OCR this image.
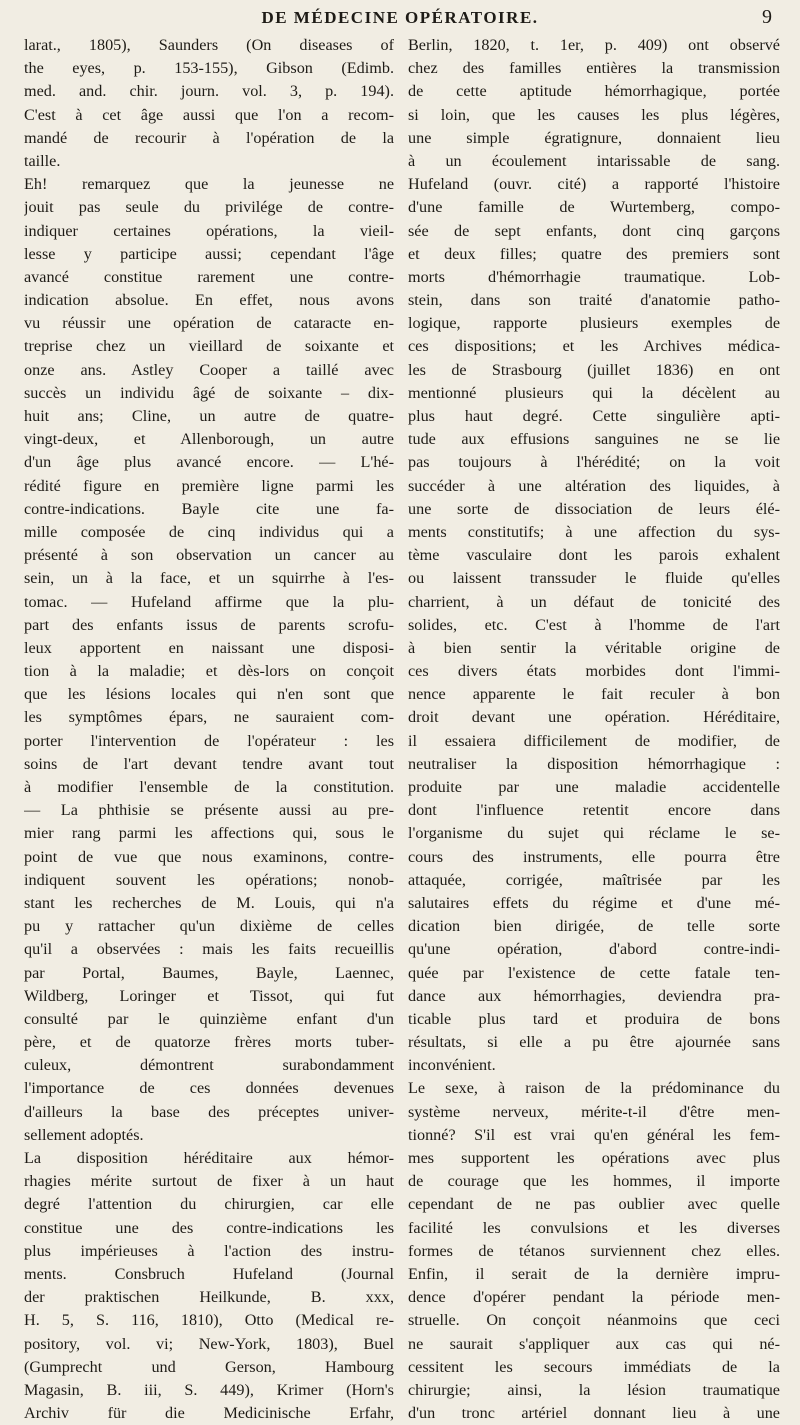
DE MÉDECINE OPÉRATOIRE.	9
larat., 1805), Saunders (On diseases of
the eyes, p. 153-155), Gibson (Edimb.
med. and. chir. journ. vol. 3, p. 194).
C'est à cet âge aussi que l'on a recom-
mandé de recourir à l'opération de la
taille.
Eh! remarquez que la jeunesse ne
jouit pas seule du privilége de contre-
indiquer certaines opérations, la vieil-
lesse y participe aussi; cependant l'âge
avancé constitue rarement une contre-
indication absolue. En effet, nous avons
vu réussir une opération de cataracte en-
treprise chez un vieillard de soixante et
onze ans. Astley Cooper a taillé avec
succès un individu âgé de soixante – dix-
huit ans; Cline, un autre de quatre-
vingt-deux, et Allenborough, un autre
d'un âge plus avancé encore. — L'hé-
rédité figure en première ligne parmi les
contre-indications. Bayle cite une fa-
mille composée de cinq individus qui a
présenté à son observation un cancer au
sein, un à la face, et un squirrhe à l'es-
tomac. — Hufeland affirme que la plu-
part des enfants issus de parents scrofu-
leux apportent en naissant une disposi-
tion à la maladie; et dès-lors on conçoit
que les lésions locales qui n'en sont que
les symptômes épars, ne sauraient com-
porter l'intervention de l'opérateur : les
soins de l'art devant tendre avant tout
à modifier l'ensemble de la constitution.
— La phthisie se présente aussi au pre-
mier rang parmi les affections qui, sous le
point de vue que nous examinons, contre-
indiquent souvent les opérations; nonob-
stant les recherches de M. Louis, qui n'a
pu y rattacher qu'un dixième de celles
qu'il a observées : mais les faits recueillis
par Portal, Baumes, Bayle, Laennec,
Wildberg, Loringer et Tissot, qui fut
consulté par le quinzième enfant d'un
père, et de quatorze frères morts tuber-
culeux, démontrent surabondamment
l'importance de ces données devenues
d'ailleurs la base des préceptes univer-
sellement adoptés.
La disposition héréditaire aux hémor-
rhagies mérite surtout de fixer à un haut
degré l'attention du chirurgien, car elle
constitue une des contre-indications les
plus impérieuses à l'action des instru-
ments. Consbruch Hufeland (Journal
der praktischen Heilkunde, B. xxx,
H. 5, S. 116, 1810), Otto (Medical re-
pository, vol. vi; New-York, 1803), Buel
(Gumprecht und Gerson, Hambourg
Magasin, B. iii, S. 449), Krimer (Horn's
Archiv für die Medicinische Erfahr,
Berlin, 1820, t. 1er, p. 409) ont observé
chez des familles entières la transmission
de cette aptitude hémorrhagique, portée
si loin, que les causes les plus légères,
une simple égratignure, donnaient lieu
à un écoulement intarissable de sang.
Hufeland (ouvr. cité) a rapporté l'histoire
d'une famille de Wurtemberg, compo-
sée de sept enfants, dont cinq garçons
et deux filles; quatre des premiers sont
morts d'hémorrhagie traumatique. Lob-
stein, dans son traité d'anatomie patho-
logique, rapporte plusieurs exemples de
ces dispositions; et les Archives médica-
les de Strasbourg (juillet 1836) en ont
mentionné plusieurs qui la décèlent au
plus haut degré. Cette singulière apti-
tude aux effusions sanguines ne se lie
pas toujours à l'hérédité; on la voit
succéder à une altération des liquides, à
une sorte de dissociation de leurs élé-
ments constitutifs; à une affection du sys-
tème vasculaire dont les parois exhalent
ou laissent transsuder le fluide qu'elles
charrient, à un défaut de tonicité des
solides, etc. C'est à l'homme de l'art
à bien sentir la véritable origine de
ces divers états morbides dont l'immi-
nence apparente le fait reculer à bon
droit devant une opération. Héréditaire,
il essaiera difficilement de modifier, de
neutraliser la disposition hémorrhagique :
produite par une maladie accidentelle
dont l'influence retentit encore dans
l'organisme du sujet qui réclame le se-
cours des instruments, elle pourra être
attaquée, corrigée, maîtrisée par les
salutaires effets du régime et d'une mé-
dication bien dirigée, de telle sorte
qu'une opération, d'abord contre-indi-
quée par l'existence de cette fatale ten-
dance aux hémorrhagies, deviendra pra-
ticable plus tard et produira de bons
résultats, si elle a pu être ajournée sans
inconvénient.
Le sexe, à raison de la prédominance du
système nerveux, mérite-t-il d'être men-
tionné? S'il est vrai qu'en général les fem-
mes supportent les opérations avec plus
de courage que les hommes, il importe
cependant de ne pas oublier avec quelle
facilité les convulsions et les diverses
formes de tétanos surviennent chez elles.
Enfin, il serait de la dernière impru-
dence d'opérer pendant la période men-
struelle. On conçoit néanmoins que ceci
ne saurait s'appliquer aux cas qui né-
cessitent les secours immédiats de la
chirurgie; ainsi, la lésion traumatique
d'un tronc artériel donnant lieu à une
